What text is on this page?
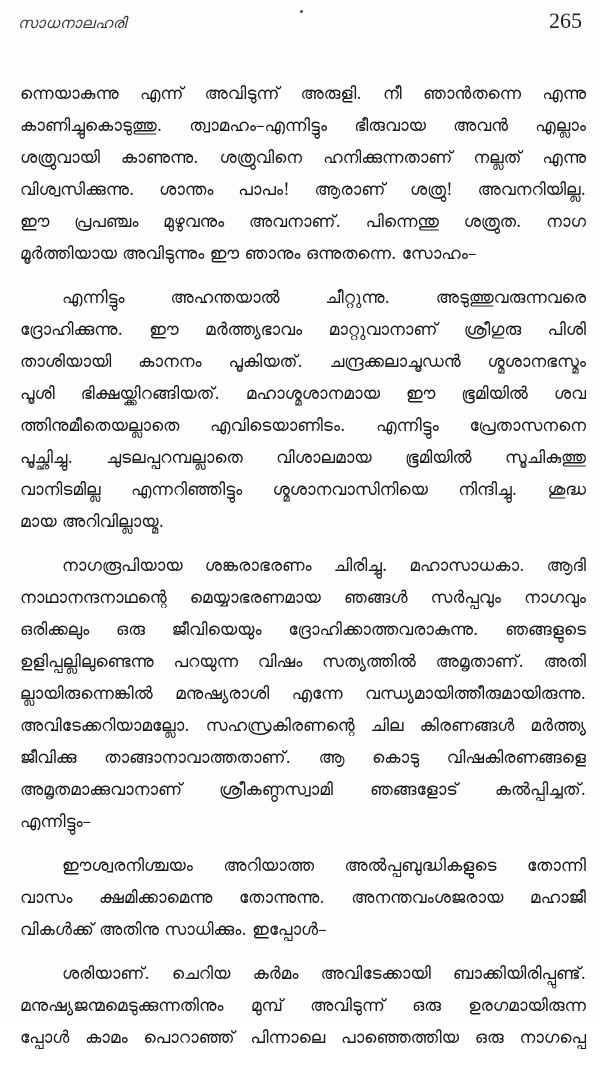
സാധനാലഹരി	265
ന്നെയാകുന്നു എന്ന് അവിടുന്ന് അരുളി. നീ ഞാൻതന്നെ എന്നു
കാണിച്ചുകൊടുത്തു. ത്വാമഹം–എന്നിട്ടും ഭീരുവായ അവൻ എല്ലാം
ശത്രുവായി കാണുന്നു. ശത്രുവിനെ ഹനിക്കുന്നതാണ് നല്ലത് എന്നു
വിശ്വസിക്കുന്നു. ശാന്തം പാപം! ആരാണ് ശത്രു! അവനറിയില്ല.
ഈ പ്രപഞ്ചം മുഴുവനും അവനാണ്. പിന്നെന്തു ശത്രുത. നാഗ
മൂർത്തിയായ അവിടുന്നും ഈ ഞാനും ഒന്നുതന്നെ. സോഹം–
എന്നിട്ടും അഹന്തയാൽ ചീറ്റുന്നു. അടുത്തുവരുന്നവരെ
ദ്രോഹിക്കുന്നു. ഈ മർത്ത്യഭാവം മാറ്റുവാനാണ് ശ്രീഗുരു പിശി
താശിയായി കാനനം പൂകിയത്. ചന്ദ്രക്കലാചൂഡൻ ശ്മശാനഭസ്മം
പൂശി ഭിക്ഷയ്ക്കിറങ്ങിയത്. മഹാശ്മശാനമായ ഈ ഭൂമിയിൽ ശവ
ത്തിനുമീതെയല്ലാതെ എവിടെയാണിടം. എന്നിട്ടും പ്രേതാസനനെ
പൂച്ഛിച്ചു. ചുടലപ്പറമ്പല്ലാതെ വിശാലമായ ഭൂമിയിൽ സൂചികുത്തു
വാനിടമില്ല എന്നറിഞ്ഞിട്ടും ശ്മശാനവാസിനിയെ നിന്ദിച്ചു. ശുദ്ധ
മായ അറിവില്ലായ്മ.
നാഗരൂപിയായ ശങ്കരാഭരണം ചിരിച്ചു. മഹാസാധകാ. ആദി
നാഥാനന്ദനാഥന്റെ മെയ്യാഭരണമായ ഞങ്ങൾ സർപ്പവും നാഗവും
ഒരിക്കലും ഒരു ജീവിയെയും ദ്രോഹിക്കാത്തവരാകുന്നു. ഞങ്ങളുടെ
ഉളിപ്പല്ലിലുണ്ടെന്നു പറയുന്ന വിഷം സത്യത്തിൽ അമൃതാണ്. അതി
ല്ലായിരുന്നെങ്കിൽ മനുഷ്യരാശി എന്നേ വന്ധ്യമായിത്തീരുമായിരുന്നു.
അവിടേക്കറിയാമല്ലോ. സഹസ്രകിരണന്റെ ചില കിരണങ്ങൾ മർത്ത്യ
ജീവിക്കു താങ്ങാനാവാത്തതാണ്. ആ കൊടു വിഷകിരണങ്ങളെ
അമൃതമാക്കുവാനാണ് ശ്രീകണ്ഠസ്വാമി ഞങ്ങളോട് കൽപ്പിച്ചത്.
എന്നിട്ടും–
ഈശ്വരനിശ്ചയം അറിയാത്ത അൽപ്പബുദ്ധികളുടെ തോന്നി
വാസം ക്ഷമിക്കാമെന്നു തോന്നുന്നു. അനന്തവംശജരായ മഹാജീ
വികൾക്ക് അതിനു സാധിക്കും. ഇപ്പോൾ–
ശരിയാണ്. ചെറിയ കർമം അവിടേക്കായി ബാക്കിയിരിപ്പുണ്ട്.
മനുഷ്യജന്മമെടുക്കുന്നതിനും മുമ്പ് അവിടുന്ന് ഒരു ഉരഗമായിരുന്ന
പ്പോൾ കാമം പൊറാഞ്ഞ് പിന്നാലെ പാഞ്ഞെത്തിയ ഒരു നാഗപ്പെ
